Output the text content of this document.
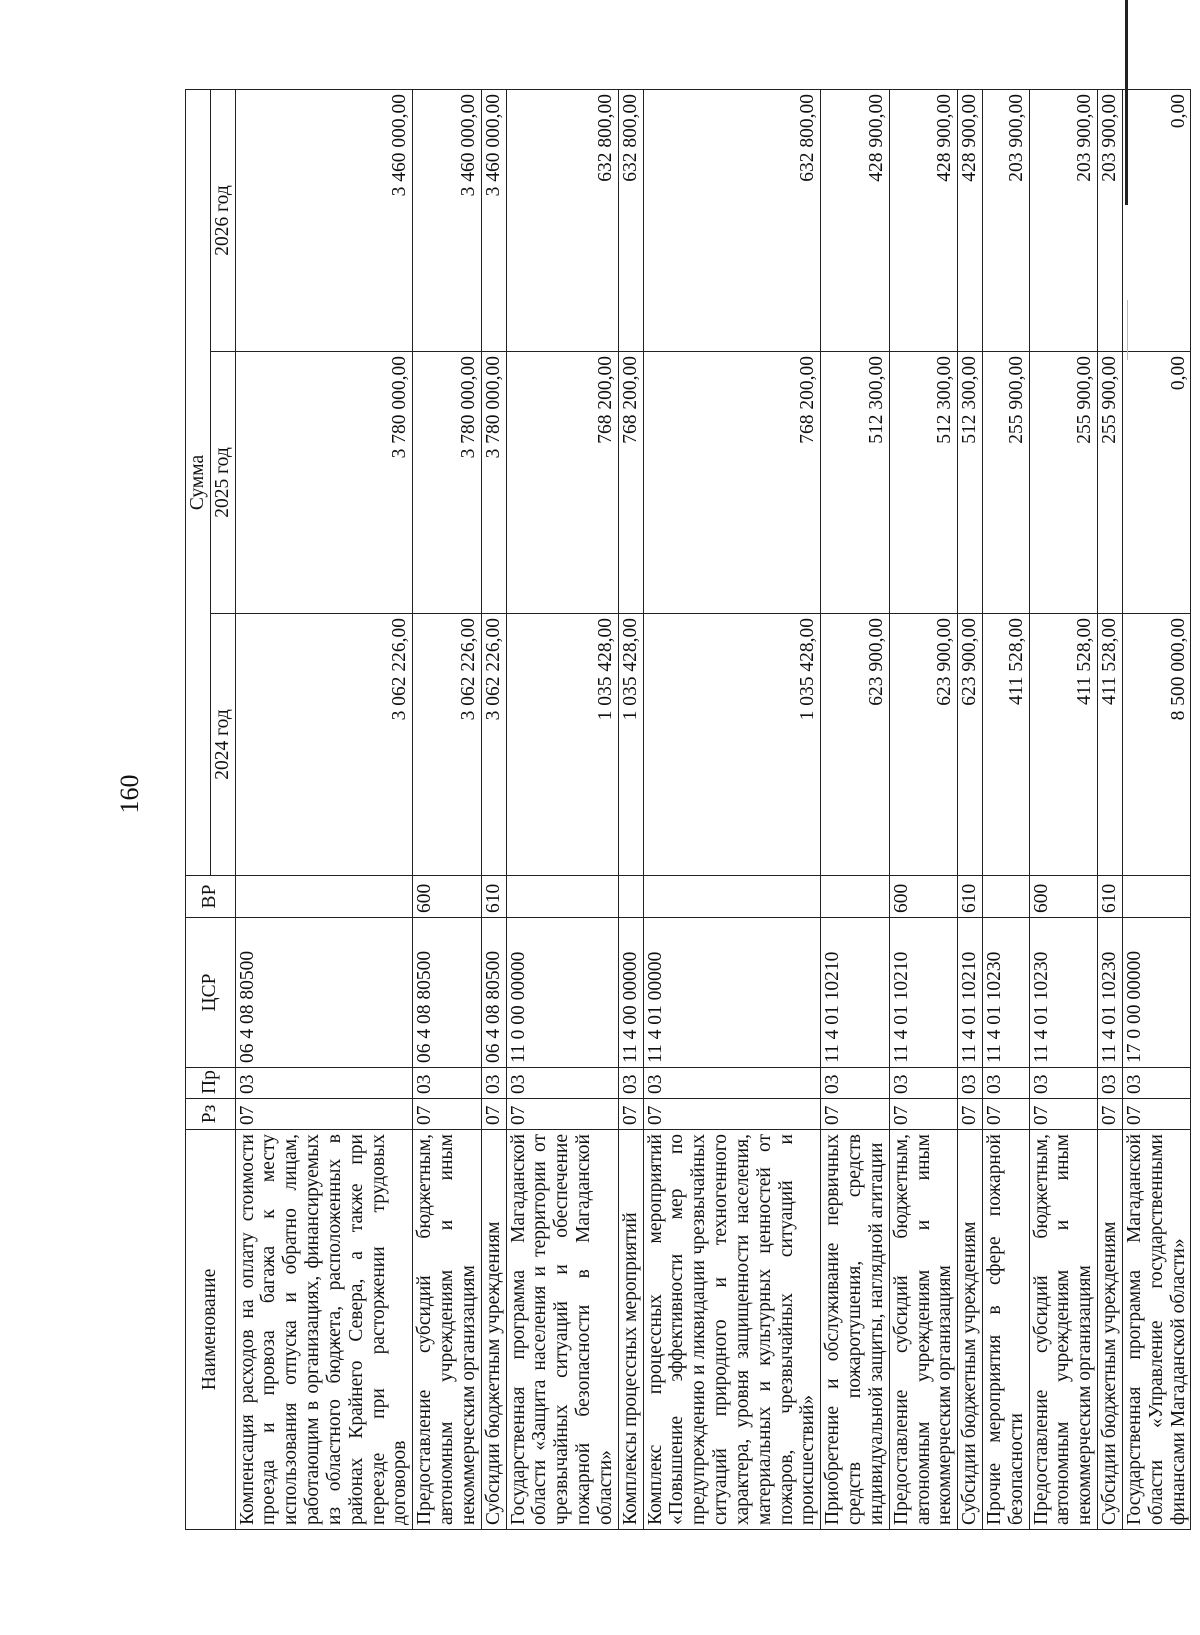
160
Наименование	Рз	Пр	ЦСР	ВР	Сумма		
					2024 год	2025 год	2026 год
Компенсация расходов на оплату стоимости проезда и провоза багажа к месту использования отпуска и обратно лицам, работающим в организациях, финансируемых из областного бюджета, расположенных в районах Крайнего Севера, а также при переезде при расторжении трудовых договоров	07	03	06 4 08 80500		3 062 226,00	3 780 000,00	3 460 000,00
Предоставление субсидий бюджетным, автономным учреждениям и иным некоммерческим организациям	07	03	06 4 08 80500	600	3 062 226,00	3 780 000,00	3 460 000,00
Субсидии бюджетным учреждениям	07	03	06 4 08 80500	610	3 062 226,00	3 780 000,00	3 460 000,00
Государственная программа Магаданской области «Защита населения и территории от чрезвычайных ситуаций и обеспечение пожарной безопасности в Магаданской области»	07	03	11 0 00 00000		1 035 428,00	768 200,00	632 800,00
Комплексы процессных мероприятий	07	03	11 4 00 00000		1 035 428,00	768 200,00	632 800,00
Комплекс процессных мероприятий «Повышение эффективности мер по предупреждению и ликвидации чрезвычайных ситуаций природного и техногенного характера, уровня защищенности населения, материальных и культурных ценностей от пожаров, чрезвычайных ситуаций и происшествий»	07	03	11 4 01 00000		1 035 428,00	768 200,00	632 800,00
Приобретение и обслуживание первичных средств пожаротушения, средств индивидуальной защиты, наглядной агитации	07	03	11 4 01 10210		623 900,00	512 300,00	428 900,00
Предоставление субсидий бюджетным, автономным учреждениям и иным некоммерческим организациям	07	03	11 4 01 10210	600	623 900,00	512 300,00	428 900,00
Субсидии бюджетным учреждениям	07	03	11 4 01 10210	610	623 900,00	512 300,00	428 900,00
Прочие мероприятия в сфере пожарной безопасности	07	03	11 4 01 10230		411 528,00	255 900,00	203 900,00
Предоставление субсидий бюджетным, автономным учреждениям и иным некоммерческим организациям	07	03	11 4 01 10230	600	411 528,00	255 900,00	203 900,00
Субсидии бюджетным учреждениям	07	03	11 4 01 10230	610	411 528,00	255 900,00	203 900,00
Государственная программа Магаданской области «Управление государственными финансами Магаданской области»	07	03	17 0 00 00000		8 500 000,00	0,00	0,00
